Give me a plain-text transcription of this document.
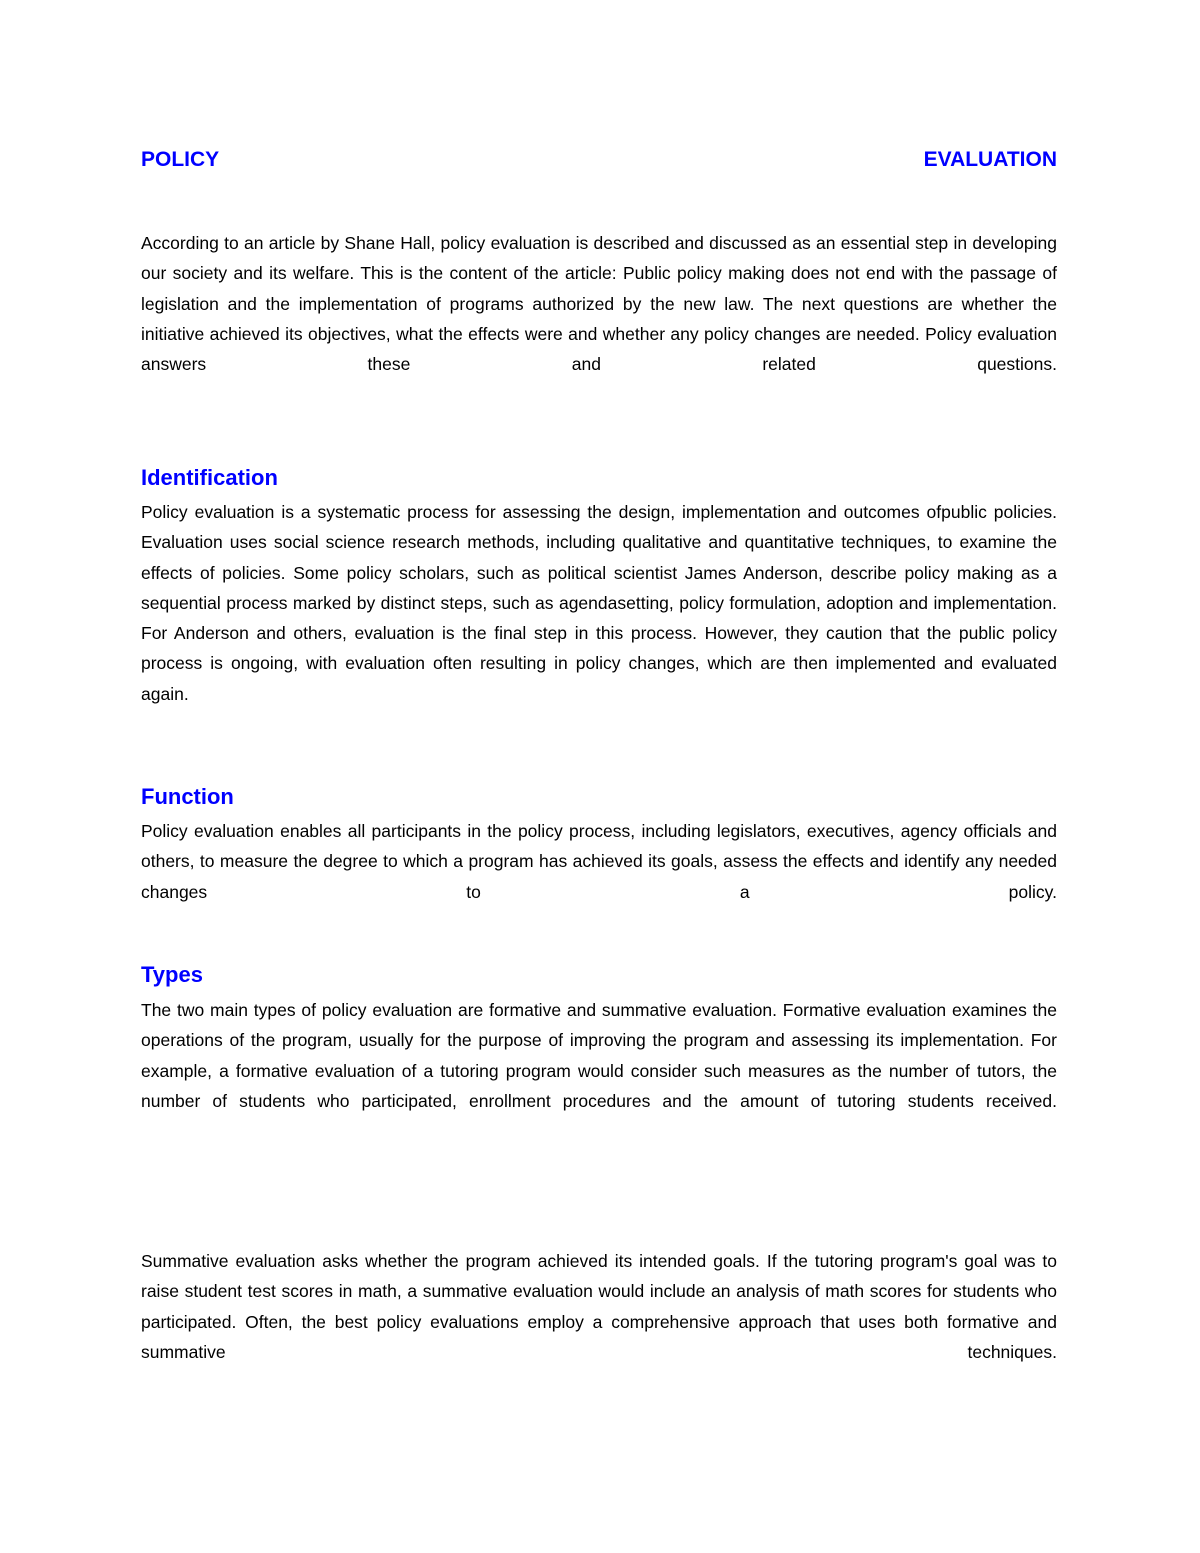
POLICY	EVALUATION

According to an article by Shane Hall, policy evaluation is described and discussed as an essential step in developing our society and its welfare. This is the content of the article: Public policy making does not end with the passage of legislation and the implementation of programs authorized by the new law. The next questions are whether the initiative achieved its objectives, what the effects were and whether any policy changes are needed. Policy evaluation answers these and related questions.

Identification

Policy evaluation is a systematic process for assessing the design, implementation and outcomes ofpublic policies. Evaluation uses social science research methods, including qualitative and quantitative techniques, to examine the effects of policies. Some policy scholars, such as political scientist James Anderson, describe policy making as a sequential process marked by distinct steps, such as agendasetting, policy formulation, adoption and implementation. For Anderson and others, evaluation is the final step in this process. However, they caution that the public policy process is ongoing, with evaluation often resulting in policy changes, which are then implemented and evaluated again.

Function

Policy evaluation enables all participants in the policy process, including legislators, executives, agency officials and others, to measure the degree to which a program has achieved its goals, assess the effects and identify any needed changes to a policy.

Types

The two main types of policy evaluation are formative and summative evaluation. Formative evaluation examines the operations of the program, usually for the purpose of improving the program and assessing its implementation. For example, a formative evaluation of a tutoring program would consider such measures as the number of tutors, the number of students who participated, enrollment procedures and the amount of tutoring students received.

Summative evaluation asks whether the program achieved its intended goals. If the tutoring program's goal was to raise student test scores in math, a summative evaluation would include an analysis of math scores for students who participated. Often, the best policy evaluations employ a comprehensive approach that uses both formative and summative techniques.
